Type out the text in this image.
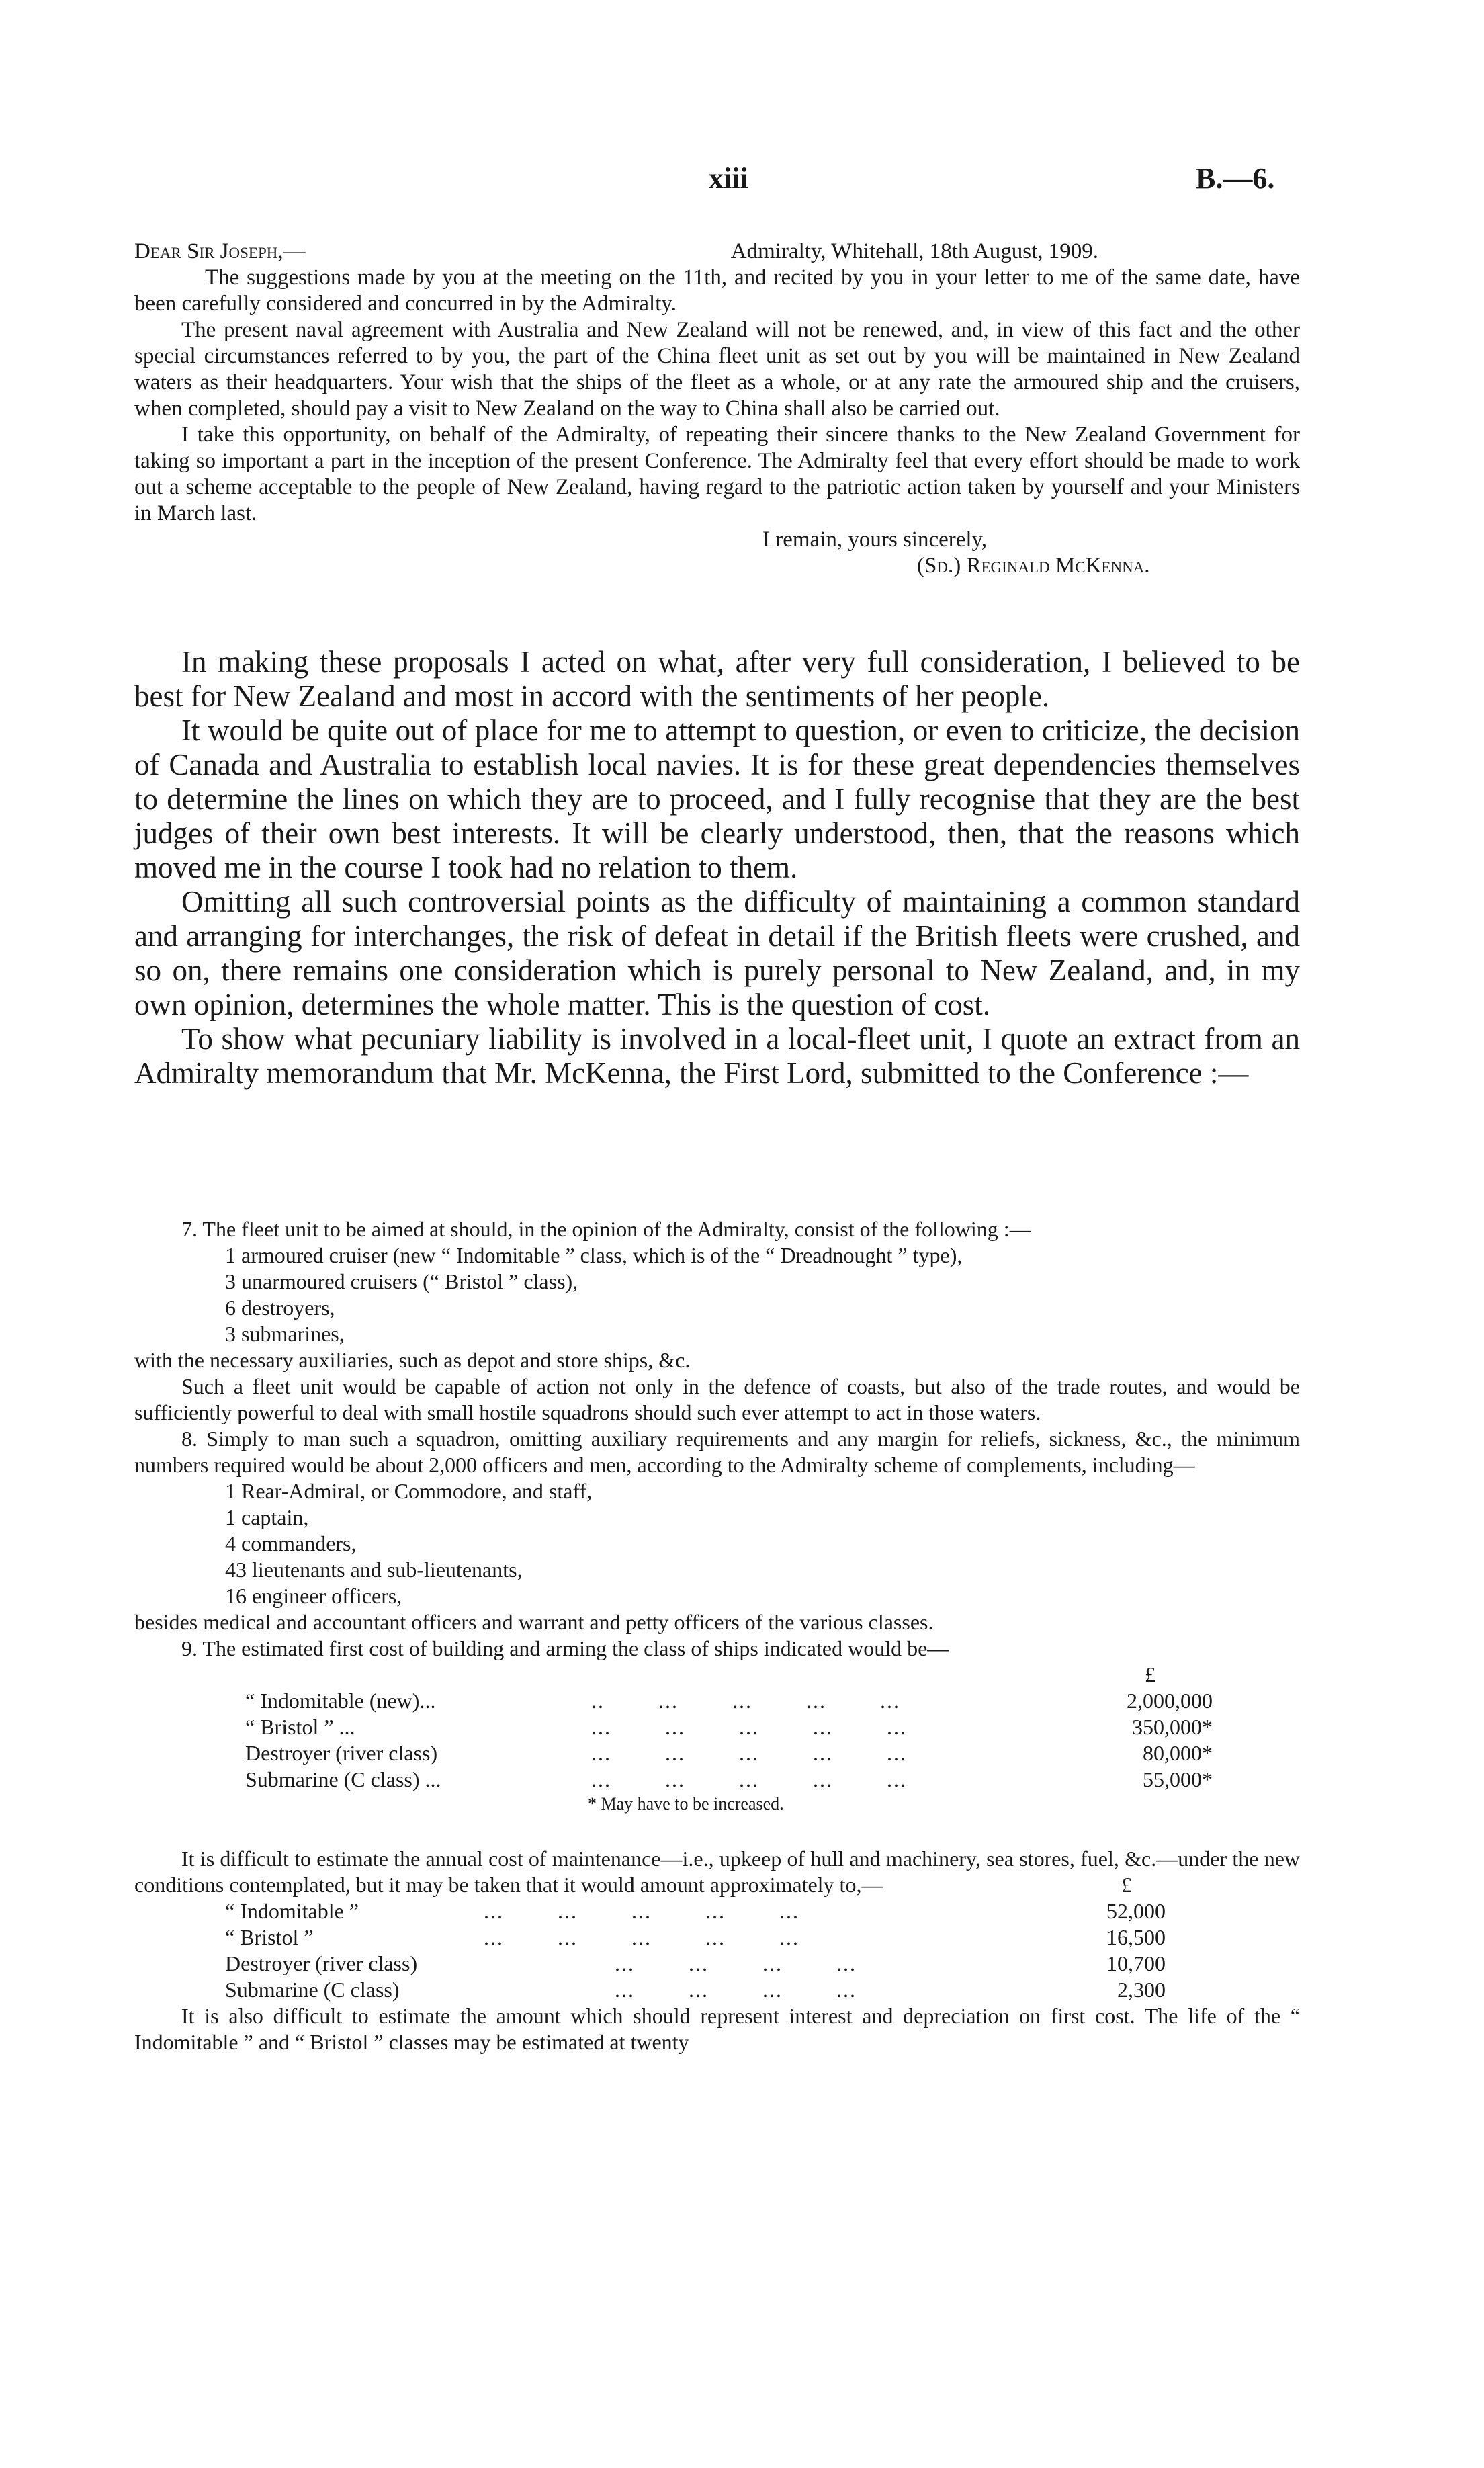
xiii	B.—6.
Dear Sir Joseph,—	Admiralty, Whitehall, 18th August, 1909.

The suggestions made by you at the meeting on the 11th, and recited by you in your letter to me of the same date, have been carefully considered and concurred in by the Admiralty.

The present naval agreement with Australia and New Zealand will not be renewed, and, in view of this fact and the other special circumstances referred to by you, the part of the China fleet unit as set out by you will be maintained in New Zealand waters as their headquarters. Your wish that the ships of the fleet as a whole, or at any rate the armoured ship and the cruisers, when completed, should pay a visit to New Zealand on the way to China shall also be carried out.

I take this opportunity, on behalf of the Admiralty, of repeating their sincere thanks to the New Zealand Government for taking so important a part in the inception of the present Conference. The Admiralty feel that every effort should be made to work out a scheme acceptable to the people of New Zealand, having regard to the patriotic action taken by yourself and your Ministers in March last.

I remain, yours sincerely,

(Sd.) Reginald McKenna.

In making these proposals I acted on what, after very full consideration, I believed to be best for New Zealand and most in accord with the sentiments of her people.

It would be quite out of place for me to attempt to question, or even to criticize, the decision of Canada and Australia to establish local navies. It is for these great dependencies themselves to determine the lines on which they are to proceed, and I fully recognise that they are the best judges of their own best interests. It will be clearly understood, then, that the reasons which moved me in the course I took had no relation to them.

Omitting all such controversial points as the difficulty of maintaining a common standard and arranging for interchanges, the risk of defeat in detail if the British fleets were crushed, and so on, there remains one consideration which is purely personal to New Zealand, and, in my own opinion, determines the whole matter. This is the question of cost.

To show what pecuniary liability is involved in a local-fleet unit, I quote an extract from an Admiralty memorandum that Mr. McKenna, the First Lord, submitted to the Conference :—

7. The fleet unit to be aimed at should, in the opinion of the Admiralty, consist of the following :—

1 armoured cruiser (new “ Indomitable ” class, which is of the “ Dreadnought ” type),
3 unarmoured cruisers (“ Bristol ” class),
6 destroyers,
3 submarines,

with the necessary auxiliaries, such as depot and store ships, &c.

Such a fleet unit would be capable of action not only in the defence of coasts, but also of the trade routes, and would be sufficiently powerful to deal with small hostile squadrons should such ever attempt to act in those waters.

8. Simply to man such a squadron, omitting auxiliary requirements and any margin for reliefs, sickness, &c., the minimum numbers required would be about 2,000 officers and men, according to the Admiralty scheme of complements, including—

1 Rear-Admiral, or Commodore, and staff,
1 captain,
4 commanders,
43 lieutenants and sub-lieutenants,
16 engineer officers,

besides medical and accountant officers and warrant and petty officers of the various classes.

9. The estimated first cost of building and arming the class of ships indicated would be—

£
“ Indomitable (new)...	..        ...        ...        ...        ...	2,000,000
“ Bristol ” ...	...        ...        ...        ...        ...	350,000*
Destroyer (river class)	...        ...        ...        ...        ...	80,000*
Submarine (C class) ...	...        ...        ...        ...        ...	55,000*
* May have to be increased.

It is difficult to estimate the annual cost of maintenance—i.e., upkeep of hull and machinery, sea stores, fuel, &c.—under the new conditions contemplated, but it may be taken that it would amount approximately to,—	£
“ Indomitable ”	...        ...        ...        ...        ...	52,000
“ Bristol ”	...        ...        ...        ...        ...	16,500
Destroyer (river class)	...        ...        ...        ...	10,700
Submarine (C class)	...        ...        ...        ...	2,300

It is also difficult to estimate the amount which should represent interest and depreciation on first cost. The life of the “ Indomitable ” and “ Bristol ” classes may be estimated at twenty
